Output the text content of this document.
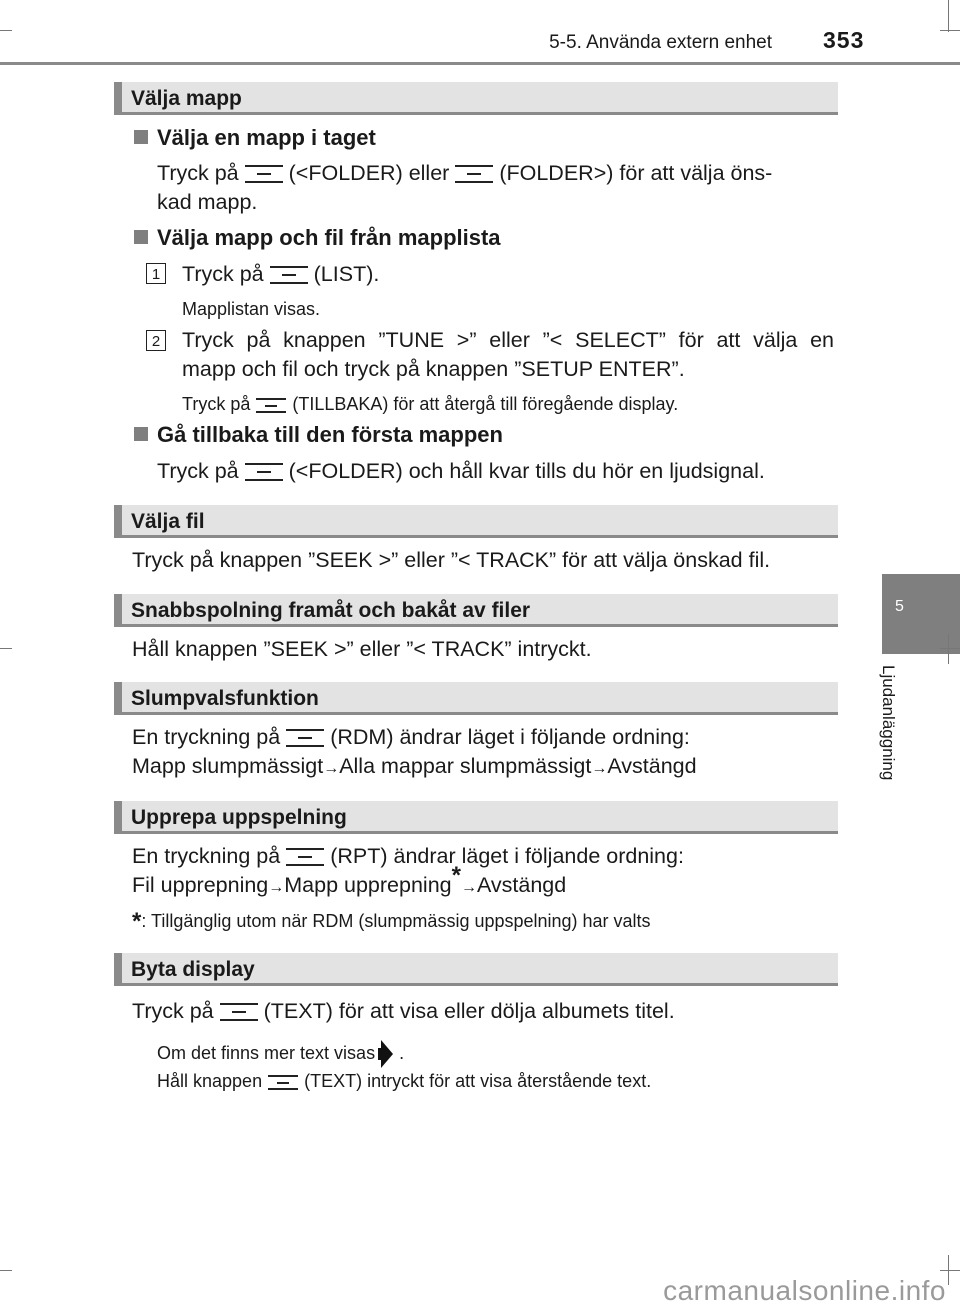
5-5. Använda extern enhet 353
5
Ljudanläggning
Välja mapp
Välja en mapp i taget
Tryck på (<FOLDER) eller (FOLDER>) för att välja öns-
kad mapp.
Välja mapp och fil från mapplista
1 Tryck på (LIST).
Mapplistan visas.
2 Tryck på knappen ”TUNE >” eller ”< SELECT” för att välja en
mapp och fil och tryck på knappen ”SETUP ENTER”.
Tryck på (TILLBAKA) för att återgå till föregående display.
Gå tillbaka till den första mappen
Tryck på (<FOLDER) och håll kvar tills du hör en ljudsignal.
Välja fil
Tryck på knappen ”SEEK >” eller ”< TRACK” för att välja önskad fil.
Snabbspolning framåt och bakåt av filer
Håll knappen ”SEEK >” eller ”< TRACK” intryckt.
Slumpvalsfunktion
En tryckning på (RDM) ändrar läget i följande ordning:
Mapp slumpmässigt→Alla mappar slumpmässigt→Avstängd
Upprepa uppspelning
En tryckning på (RPT) ändrar läget i följande ordning:
Fil upprepning→Mapp upprepning*→Avstängd
*: Tillgänglig utom när RDM (slumpmässig uppspelning) har valts
Byta display
Tryck på (TEXT) för att visa eller dölja albumets titel.
Om det finns mer text visas .
Håll knappen (TEXT) intryckt för att visa återstående text.
carmanualsonline.info
